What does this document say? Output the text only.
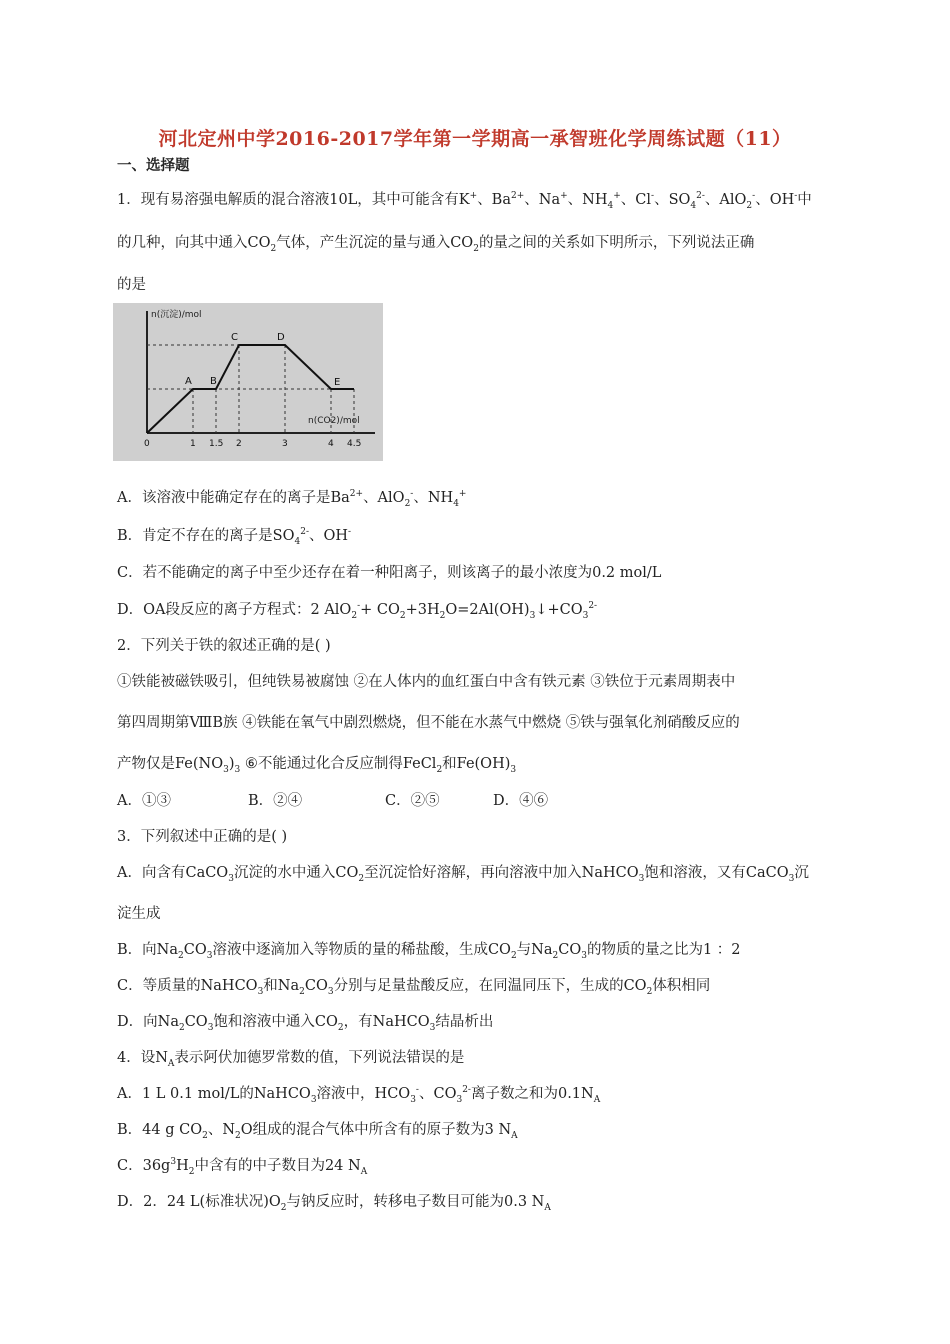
河北定州中学2016-2017学年第一学期高一承智班化学周练试题（11）
一、选择题
1．现有易溶强电解质的混合溶液10L，其中可能含有K+、$Ba^{2+}$、Na+、$NH_4^+$、Cl-、$SO_4^{2-}$、AlO$_2$-、OH-中
的几种，向其中通入$CO_2$气体，产生沉淀的量与通入$CO_2$的量之间的关系如下明所示，下列说法正确
的是
n(沉淀)/mol
n(CO2)/mol
A B
C	D
E
0	1 1.5 2	3	4 4.5
A．该溶液中能确定存在的离子是$Ba^{2+}$、AlO$_2$-、$NH_4^+$
B．肯定不存在的离子是$SO_4^{2-}$、OH-
C．若不能确定的离子中至少还存在着一种阳离子，则该离子的最小浓度为0.2 mol/L
D．OA段反应的离子方程式：2 $AlO_2^-+ CO_2+3H_2O=2Al(OH)_3↓+CO_3^{2-}$
2．下列关于铁的叙述正确的是( )
①铁能被磁铁吸引，但纯铁易被腐蚀 ②在人体内的血红蛋白中含有铁元素 ③铁位于元素周期表中
第四周期第ⅧB族 ④铁能在氧气中剧烈燃烧，但不能在水蒸气中燃烧 ⑤铁与强氧化剂硝酸反应的
产物仅是$Fe(NO_3)_3$ ⑥不能通过化合反应制得FeCl$_2$和$Fe(OH)_3$
A．①③	B．②④	C．②⑤	D．④⑥
3．下列叙述中正确的是( )
A．向含有CaCO$_3$沉淀的水中通入$CO_2$至沉淀恰好溶解，再向溶液中加入NaHCO$_3$饱和溶液，又有CaCO$_3$沉
淀生成
B．向$Na_2CO_3$溶液中逐滴加入等物质的量的稀盐酸，生成$CO_2$与$Na_2CO_3$的物质的量之比为1 ：2
C．等质量的NaHCO$_3$和$Na_2CO_3$分别与足量盐酸反应，在同温同压下，生成的$CO_2$体积相同
D．向$Na_2CO_3$饱和溶液中通入$CO_2$，有NaHCO$_3$结晶析出
4．设$N_A$表示阿伏加德罗常数的值，下列说法错误的是
A．1 L 0.1 mol/L的NaHCO$_3$溶液中，$HCO_3^-$、$CO_3^{2-}$离子数之和为$0.1N_A$
B．44 g $CO_2$、$N_2O$组成的混合气体中所含有的原子数为3 $N_A$
C．$36g^3H_2$中含有的中子数目为24 $N_A$
D．2．24 L(标准状况)$O_2$与钠反应时，转移电子数目可能为0.3 $N_A$
